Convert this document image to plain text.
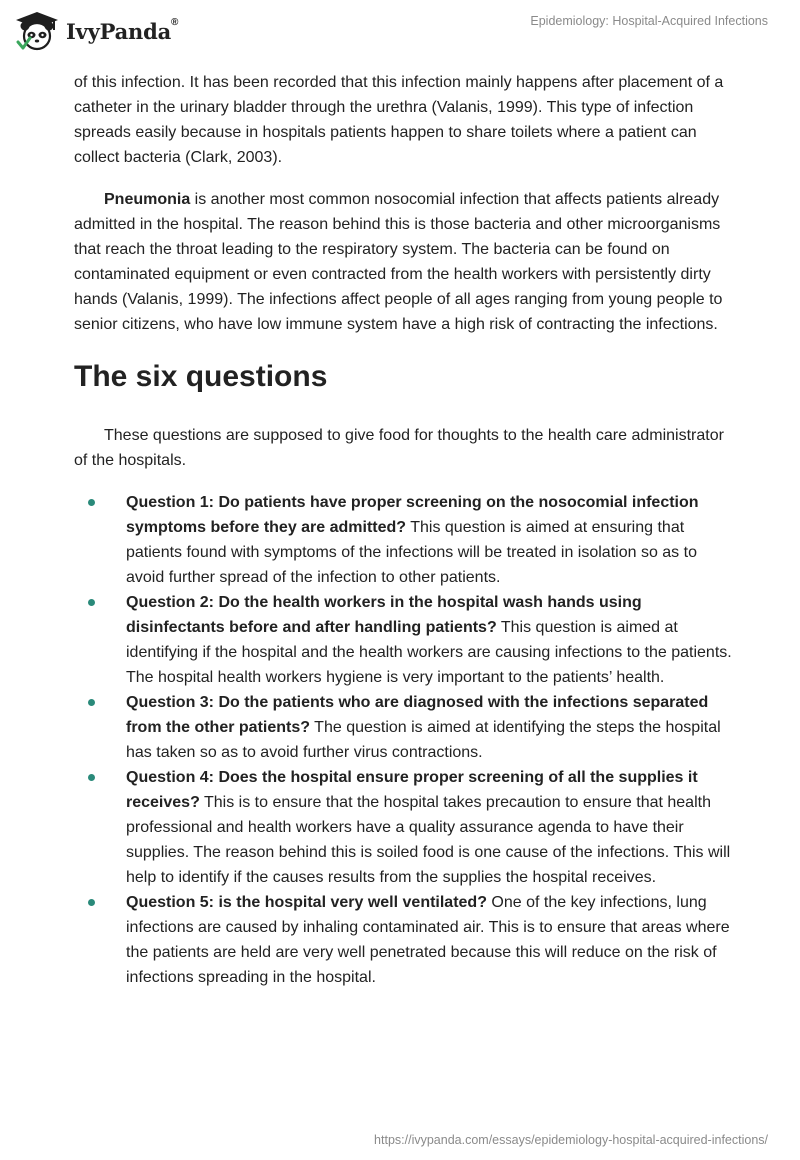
IvyPanda®	Epidemiology: Hospital-Acquired Infections

of this infection. It has been recorded that this infection mainly happens after placement of a catheter in the urinary bladder through the urethra (Valanis, 1999). This type of infection spreads easily because in hospitals patients happen to share toilets where a patient can collect bacteria (Clark, 2003).

Pneumonia is another most common nosocomial infection that affects patients already admitted in the hospital. The reason behind this is those bacteria and other microorganisms that reach the throat leading to the respiratory system. The bacteria can be found on contaminated equipment or even contracted from the health workers with persistently dirty hands (Valanis, 1999). The infections affect people of all ages ranging from young people to senior citizens, who have low immune system have a high risk of contracting the infections.

The six questions

These questions are supposed to give food for thoughts to the health care administrator of the hospitals.

Question 1: Do patients have proper screening on the nosocomial infection symptoms before they are admitted? This question is aimed at ensuring that patients found with symptoms of the infections will be treated in isolation so as to avoid further spread of the infection to other patients.
Question 2: Do the health workers in the hospital wash hands using disinfectants before and after handling patients? This question is aimed at identifying if the hospital and the health workers are causing infections to the patients. The hospital health workers hygiene is very important to the patients’ health.
Question 3: Do the patients who are diagnosed with the infections separated from the other patients? The question is aimed at identifying the steps the hospital has taken so as to avoid further virus contractions.
Question 4: Does the hospital ensure proper screening of all the supplies it receives? This is to ensure that the hospital takes precaution to ensure that health professional and health workers have a quality assurance agenda to have their supplies. The reason behind this is soiled food is one cause of the infections. This will help to identify if the causes results from the supplies the hospital receives.
Question 5: is the hospital very well ventilated? One of the key infections, lung infections are caused by inhaling contaminated air. This is to ensure that areas where the patients are held are very well penetrated because this will reduce on the risk of infections spreading in the hospital.
https://ivypanda.com/essays/epidemiology-hospital-acquired-infections/
